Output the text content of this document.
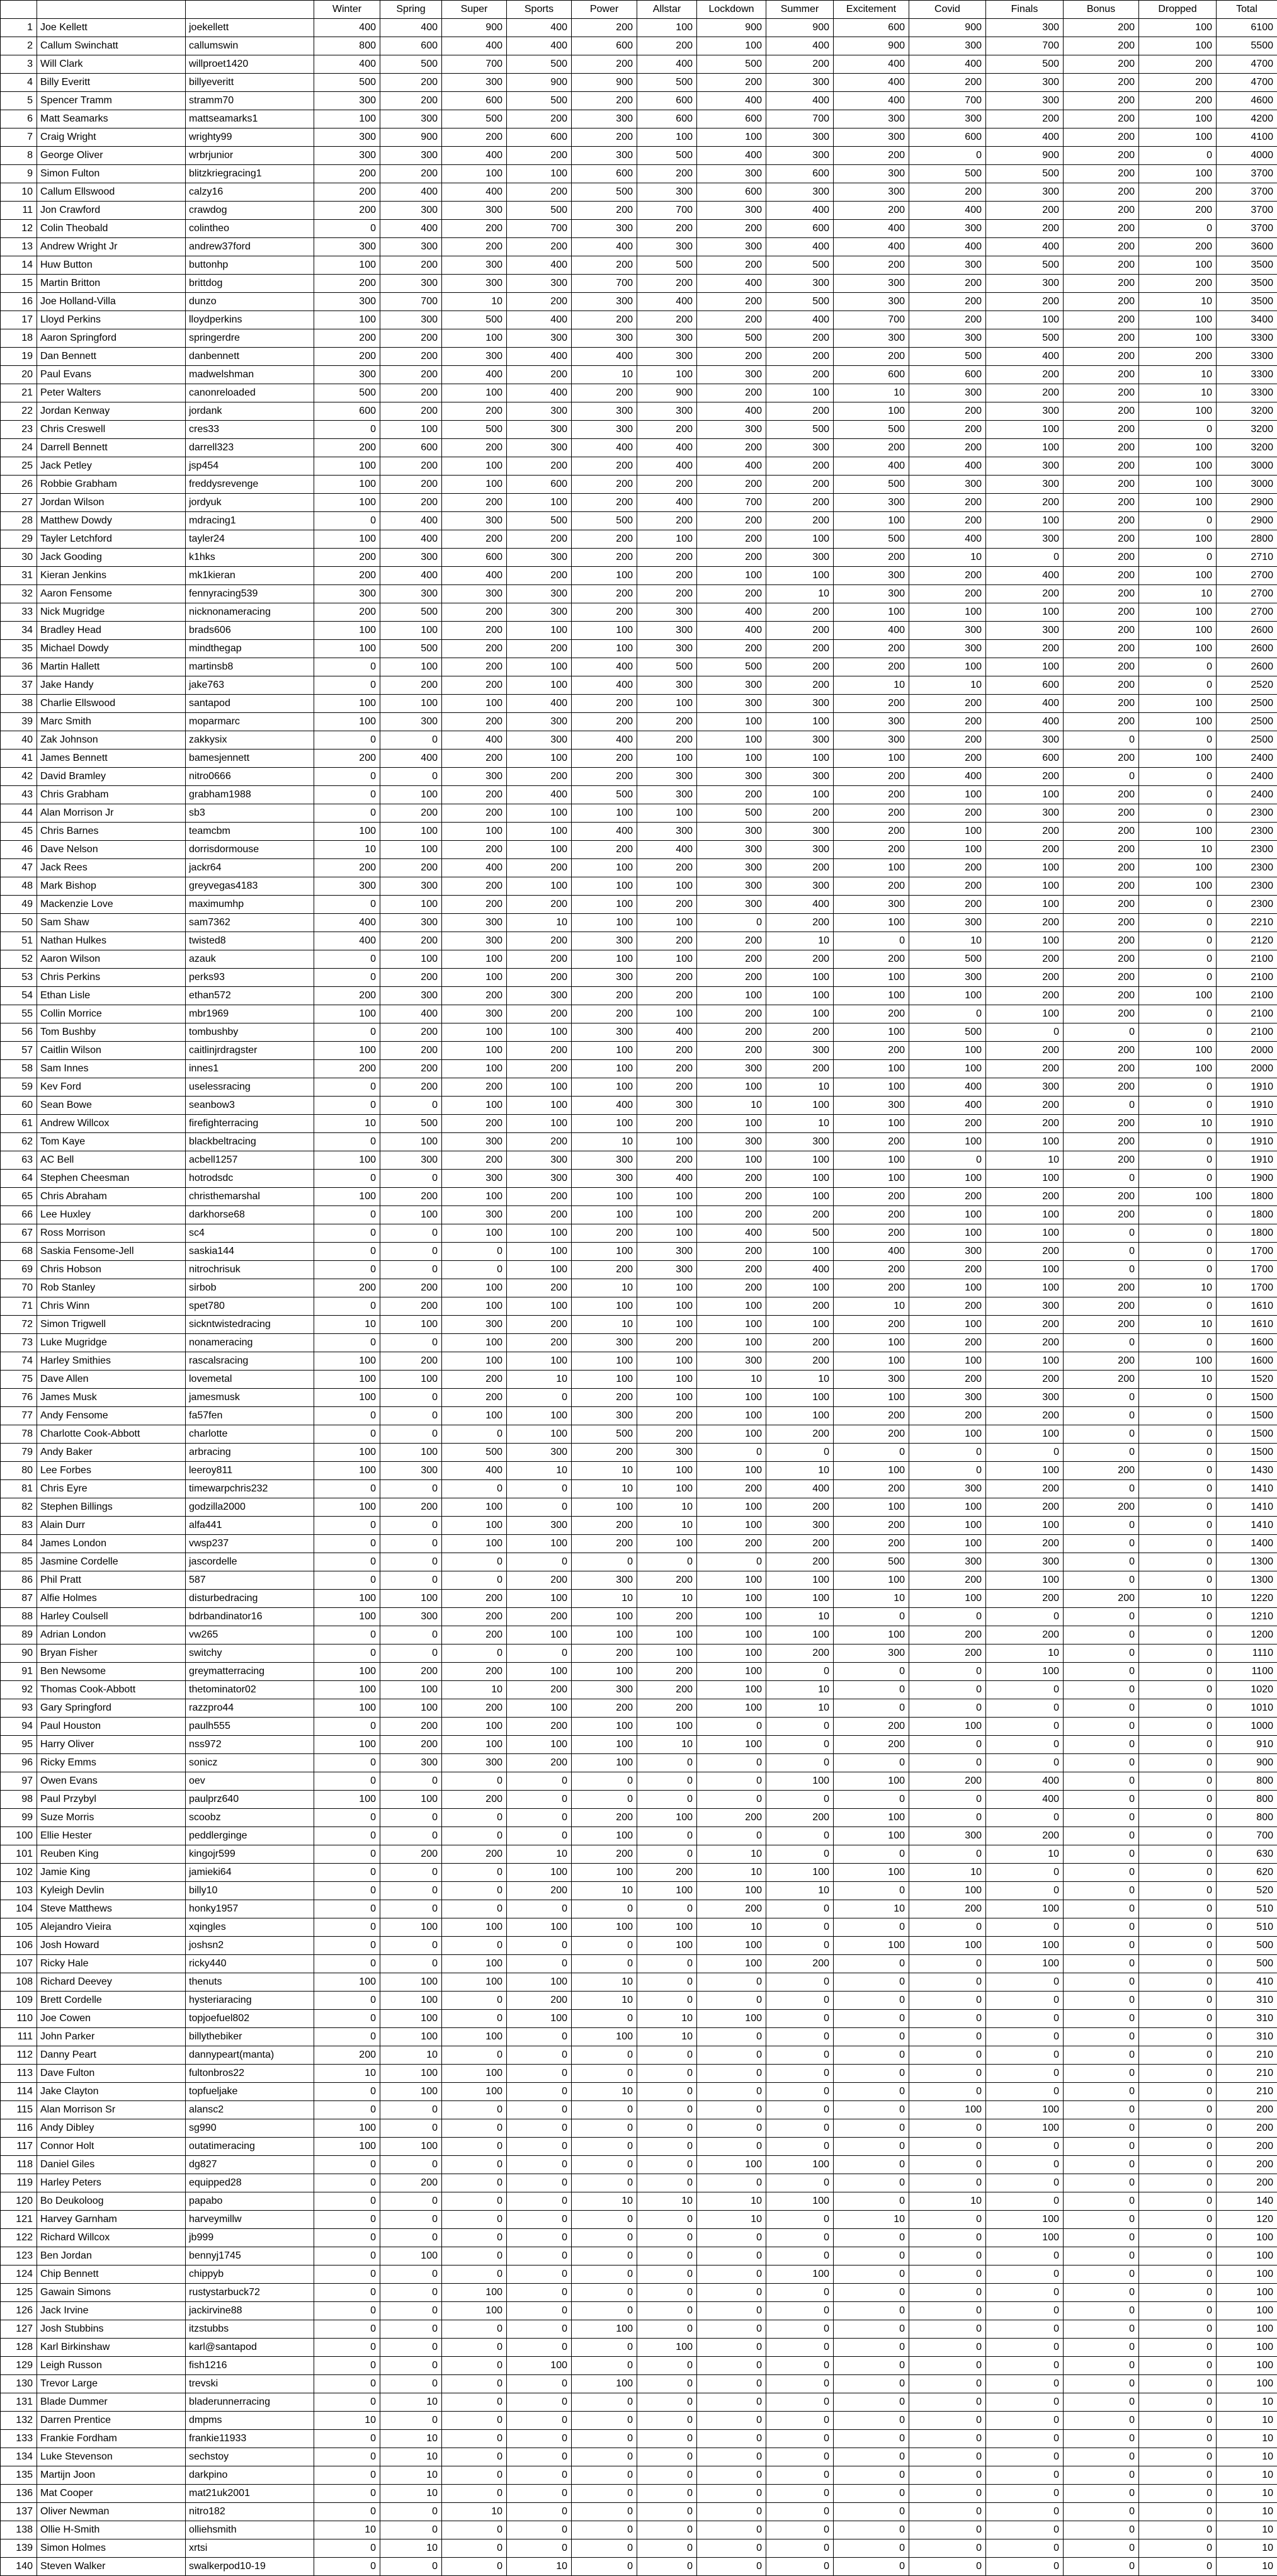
			Winter	Spring	Super	Sports	Power	Allstar	Lockdown	Summer	Excitement	Covid	Finals	Bonus	Dropped	Total
1	Joe Kellett	joekellett	400	400	900	400	200	100	900	900	600	900	300	200	100	6100
2	Callum Swinchatt	callumswin	800	600	400	400	600	200	100	400	900	300	700	200	100	5500
3	Will Clark	willproet1420	400	500	700	500	200	400	500	200	400	400	500	200	200	4700
4	Billy Everitt	billyeveritt	500	200	300	900	900	500	200	300	400	200	300	200	200	4700
5	Spencer Tramm	stramm70	300	200	600	500	200	600	400	400	400	700	300	200	200	4600
6	Matt Seamarks	mattseamarks1	100	300	500	200	300	600	600	700	300	300	200	200	100	4200
7	Craig Wright	wrighty99	300	900	200	600	200	100	100	300	300	600	400	200	100	4100
8	George Oliver	wrbrjunior	300	300	400	200	300	500	400	300	200	0	900	200	0	4000
9	Simon Fulton	blitzkriegracing1	200	200	100	100	600	200	300	600	300	500	500	200	100	3700
10	Callum Ellswood	calzy16	200	400	400	200	500	300	600	300	300	200	300	200	200	3700
11	Jon Crawford	crawdog	200	300	300	500	200	700	300	400	200	400	200	200	200	3700
12	Colin Theobald	colintheo	0	400	200	700	300	200	200	600	400	300	200	200	0	3700
13	Andrew Wright Jr	andrew37ford	300	300	200	200	400	300	300	400	400	400	400	200	200	3600
14	Huw Button	buttonhp	100	200	300	400	200	500	200	500	200	300	500	200	100	3500
15	Martin Britton	brittdog	200	300	300	300	700	200	400	300	300	200	300	200	200	3500
16	Joe Holland-Villa	dunzo	300	700	10	200	300	400	200	500	300	200	200	200	10	3500
17	Lloyd Perkins	lloydperkins	100	300	500	400	200	200	200	400	700	200	100	200	100	3400
18	Aaron Springford	springerdre	200	200	100	300	300	300	500	200	300	300	500	200	100	3300
19	Dan Bennett	danbennett	200	200	300	400	400	300	200	200	200	500	400	200	200	3300
20	Paul Evans	madwelshman	300	200	400	200	10	100	300	200	600	600	200	200	10	3300
21	Peter Walters	canonreloaded	500	200	100	400	200	900	200	100	10	300	200	200	10	3300
22	Jordan Kenway	jordank	600	200	200	300	300	300	400	200	100	200	300	200	100	3200
23	Chris Creswell	cres33	0	100	500	300	300	200	300	500	500	200	100	200	0	3200
24	Darrell Bennett	darrell323	200	600	200	300	400	400	200	300	200	200	100	200	100	3200
25	Jack Petley	jsp454	100	200	100	200	200	400	400	200	400	400	300	200	100	3000
26	Robbie Grabham	freddysrevenge	100	200	100	600	200	200	200	200	500	300	300	200	100	3000
27	Jordan Wilson	jordyuk	100	200	200	100	200	400	700	200	300	200	200	200	100	2900
28	Matthew Dowdy	mdracing1	0	400	300	500	500	200	200	200	100	200	100	200	0	2900
29	Tayler Letchford	tayler24	100	400	200	200	200	100	200	100	500	400	300	200	100	2800
30	Jack Gooding	k1hks	200	300	600	300	200	200	200	300	200	10	0	200	0	2710
31	Kieran Jenkins	mk1kieran	200	400	400	200	100	200	100	100	300	200	400	200	100	2700
32	Aaron Fensome	fennyracing539	300	300	300	300	200	200	200	10	300	200	200	200	10	2700
33	Nick Mugridge	nicknonameracing	200	500	200	300	200	300	400	200	100	100	100	200	100	2700
34	Bradley Head	brads606	100	100	200	100	100	300	400	200	400	300	300	200	100	2600
35	Michael Dowdy	mindthegap	100	500	200	200	100	300	200	200	200	300	200	200	100	2600
36	Martin Hallett	martinsb8	0	100	200	100	400	500	500	200	200	100	100	200	0	2600
37	Jake Handy	jake763	0	200	200	100	400	300	300	200	10	10	600	200	0	2520
38	Charlie Ellswood	santapod	100	100	100	400	200	100	300	300	200	200	400	200	100	2500
39	Marc Smith	moparmarc	100	300	200	300	200	200	100	100	300	200	400	200	100	2500
40	Zak Johnson	zakkysix	0	0	400	300	400	200	100	300	300	200	300	0	0	2500
41	James Bennett	bamesjennett	200	400	200	100	200	100	100	100	100	200	600	200	100	2400
42	David Bramley	nitro0666	0	0	300	200	200	300	300	300	200	400	200	0	0	2400
43	Chris Grabham	grabham1988	0	100	200	400	500	300	200	100	200	100	100	200	0	2400
44	Alan Morrison Jr	sb3	0	200	200	100	100	100	500	200	200	200	300	200	0	2300
45	Chris Barnes	teamcbm	100	100	100	100	400	300	300	300	200	100	200	200	100	2300
46	Dave Nelson	dorrisdormouse	10	100	200	100	200	400	300	300	200	100	200	200	10	2300
47	Jack Rees	jackr64	200	200	400	200	100	200	300	200	100	200	100	200	100	2300
48	Mark Bishop	greyvegas4183	300	300	200	100	100	100	300	300	200	200	100	200	100	2300
49	Mackenzie Love	maximumhp	0	100	200	200	100	200	300	400	300	200	100	200	0	2300
50	Sam Shaw	sam7362	400	300	300	10	100	100	0	200	100	300	200	200	0	2210
51	Nathan Hulkes	twisted8	400	200	300	200	300	200	200	10	0	10	100	200	0	2120
52	Aaron Wilson	azauk	0	100	100	200	100	100	200	200	200	500	200	200	0	2100
53	Chris Perkins	perks93	0	200	100	200	300	200	200	100	100	300	200	200	0	2100
54	Ethan Lisle	ethan572	200	300	200	300	200	200	100	100	100	100	200	200	100	2100
55	Collin Morrice	mbr1969	100	400	300	200	200	100	200	100	200	0	100	200	0	2100
56	Tom Bushby	tombushby	0	200	100	100	300	400	200	200	100	500	0	0	0	2100
57	Caitlin Wilson	caitlinjrdragster	100	200	100	200	100	200	200	300	200	100	200	200	100	2000
58	Sam Innes	innes1	200	200	100	200	100	200	300	200	100	100	200	200	100	2000
59	Kev Ford	uselessracing	0	200	200	100	100	200	100	10	100	400	300	200	0	1910
60	Sean Bowe	seanbow3	0	0	100	100	400	300	10	100	300	400	200	0	0	1910
61	Andrew Willcox	firefighterracing	10	500	200	100	100	200	100	10	100	200	200	200	10	1910
62	Tom Kaye	blackbeltracing	0	100	300	200	10	100	300	300	200	100	100	200	0	1910
63	AC Bell	acbell1257	100	300	200	300	300	200	100	100	100	0	10	200	0	1910
64	Stephen Cheesman	hotrodsdc	0	0	300	300	300	400	200	100	100	100	100	0	0	1900
65	Chris Abraham	christhemarshal	100	200	100	200	100	100	200	100	200	200	200	200	100	1800
66	Lee Huxley	darkhorse68	0	100	300	200	100	100	200	200	200	100	100	200	0	1800
67	Ross Morrison	sc4	0	0	100	100	200	100	400	500	200	100	100	0	0	1800
68	Saskia Fensome-Jell	saskia144	0	0	0	100	100	300	200	100	400	300	200	0	0	1700
69	Chris Hobson	nitrochrisuk	0	0	0	100	200	300	200	400	200	200	100	0	0	1700
70	Rob Stanley	sirbob	200	200	100	200	10	100	200	100	200	100	100	200	10	1700
71	Chris Winn	spet780	0	200	100	100	100	100	100	200	10	200	300	200	0	1610
72	Simon Trigwell	sickntwistedracing	10	100	300	200	10	100	100	100	200	100	200	200	10	1610
73	Luke Mugridge	nonameracing	0	0	100	200	300	200	100	200	100	200	200	0	0	1600
74	Harley Smithies	rascalsracing	100	200	100	100	100	100	300	200	100	100	100	200	100	1600
75	Dave Allen	lovemetal	100	100	200	10	100	100	10	10	300	200	200	200	10	1520
76	James Musk	jamesmusk	100	0	200	0	200	100	100	100	100	300	300	0	0	1500
77	Andy Fensome	fa57fen	0	0	100	100	300	200	100	100	200	200	200	0	0	1500
78	Charlotte Cook-Abbott	charlotte	0	0	0	100	500	200	100	200	200	100	100	0	0	1500
79	Andy Baker	arbracing	100	100	500	300	200	300	0	0	0	0	0	0	0	1500
80	Lee Forbes	leeroy811	100	300	400	10	10	100	100	10	100	0	100	200	0	1430
81	Chris Eyre	timewarpchris232	0	0	0	0	10	100	200	400	200	300	200	0	0	1410
82	Stephen Billings	godzilla2000	100	200	100	0	100	10	100	200	100	100	200	200	0	1410
83	Alain Durr	alfa441	0	0	100	300	200	10	100	300	200	100	100	0	0	1410
84	James London	vwsp237	0	0	100	100	200	100	200	200	200	100	200	0	0	1400
85	Jasmine Cordelle	jascordelle	0	0	0	0	0	0	0	200	500	300	300	0	0	1300
86	Phil Pratt	587	0	0	0	200	300	200	100	100	100	200	100	0	0	1300
87	Alfie Holmes	disturbedracing	100	100	200	100	10	10	100	100	10	100	200	200	10	1220
88	Harley Coulsell	bdrbandinator16	100	300	200	200	100	200	100	10	0	0	0	0	0	1210
89	Adrian London	vw265	0	0	200	100	100	100	100	100	100	200	200	0	0	1200
90	Bryan Fisher	switchy	0	0	0	0	200	100	100	200	300	200	10	0	0	1110
91	Ben Newsome	greymatterracing	100	200	200	100	100	200	100	0	0	0	100	0	0	1100
92	Thomas Cook-Abbott	thetominator02	100	100	10	200	300	200	100	10	0	0	0	0	0	1020
93	Gary Springford	razzpro44	100	100	200	100	200	200	100	10	0	0	0	0	0	1010
94	Paul Houston	paulh555	0	200	100	200	100	100	0	0	200	100	0	0	0	1000
95	Harry Oliver	nss972	100	200	100	100	100	10	100	0	200	0	0	0	0	910
96	Ricky Emms	sonicz	0	300	300	200	100	0	0	0	0	0	0	0	0	900
97	Owen Evans	oev	0	0	0	0	0	0	0	100	100	200	400	0	0	800
98	Paul Przybyl	paulprz640	100	100	200	0	0	0	0	0	0	0	400	0	0	800
99	Suze Morris	scoobz	0	0	0	0	200	100	200	200	100	0	0	0	0	800
100	Ellie Hester	peddlerginge	0	0	0	0	100	0	0	0	100	300	200	0	0	700
101	Reuben King	kingojr599	0	200	200	10	200	0	10	0	0	0	10	0	0	630
102	Jamie King	jamieki64	0	0	0	100	100	200	10	100	100	10	0	0	0	620
103	Kyleigh Devlin	billy10	0	0	0	200	10	100	100	10	0	100	0	0	0	520
104	Steve Matthews	honky1957	0	0	0	0	0	0	200	0	10	200	100	0	0	510
105	Alejandro Vieira	xqingles	0	100	100	100	100	100	10	0	0	0	0	0	0	510
106	Josh Howard	joshsn2	0	0	0	0	0	100	100	0	100	100	100	0	0	500
107	Ricky Hale	ricky440	0	0	100	0	0	0	100	200	0	0	100	0	0	500
108	Richard Deevey	thenuts	100	100	100	100	10	0	0	0	0	0	0	0	0	410
109	Brett Cordelle	hysteriaracing	0	100	0	200	10	0	0	0	0	0	0	0	0	310
110	Joe Cowen	topjoefuel802	0	100	0	100	0	10	100	0	0	0	0	0	0	310
111	John Parker	billythebiker	0	100	100	0	100	10	0	0	0	0	0	0	0	310
112	Danny Peart	dannypeart(manta)	200	10	0	0	0	0	0	0	0	0	0	0	0	210
113	Dave Fulton	fultonbros22	10	100	100	0	0	0	0	0	0	0	0	0	0	210
114	Jake Clayton	topfueljake	0	100	100	0	10	0	0	0	0	0	0	0	0	210
115	Alan Morrison Sr	alansc2	0	0	0	0	0	0	0	0	0	100	100	0	0	200
116	Andy Dibley	sg990	100	0	0	0	0	0	0	0	0	0	100	0	0	200
117	Connor Holt	outatimeracing	100	100	0	0	0	0	0	0	0	0	0	0	0	200
118	Daniel Giles	dg827	0	0	0	0	0	0	100	100	0	0	0	0	0	200
119	Harley Peters	equipped28	0	200	0	0	0	0	0	0	0	0	0	0	0	200
120	Bo Deukoloog	papabo	0	0	0	0	10	10	10	100	0	10	0	0	0	140
121	Harvey Garnham	harveymillw	0	0	0	0	0	0	10	0	10	0	100	0	0	120
122	Richard Willcox	jb999	0	0	0	0	0	0	0	0	0	0	100	0	0	100
123	Ben Jordan	bennyj1745	0	100	0	0	0	0	0	0	0	0	0	0	0	100
124	Chip Bennett	chippyb	0	0	0	0	0	0	0	100	0	0	0	0	0	100
125	Gawain Simons	rustystarbuck72	0	0	100	0	0	0	0	0	0	0	0	0	0	100
126	Jack Irvine	jackirvine88	0	0	100	0	0	0	0	0	0	0	0	0	0	100
127	Josh Stubbins	itzstubbs	0	0	0	0	100	0	0	0	0	0	0	0	0	100
128	Karl Birkinshaw	karl@santapod	0	0	0	0	0	100	0	0	0	0	0	0	0	100
129	Leigh Russon	fish1216	0	0	0	100	0	0	0	0	0	0	0	0	0	100
130	Trevor Large	trevski	0	0	0	0	100	0	0	0	0	0	0	0	0	100
131	Blade Dummer	bladerunnerracing	0	10	0	0	0	0	0	0	0	0	0	0	0	10
132	Darren Prentice	dmpms	10	0	0	0	0	0	0	0	0	0	0	0	0	10
133	Frankie Fordham	frankie11933	0	10	0	0	0	0	0	0	0	0	0	0	0	10
134	Luke Stevenson	sechstoy	0	10	0	0	0	0	0	0	0	0	0	0	0	10
135	Martijn Joon	darkpino	0	10	0	0	0	0	0	0	0	0	0	0	0	10
136	Mat Cooper	mat21uk2001	0	10	0	0	0	0	0	0	0	0	0	0	0	10
137	Oliver Newman	nitro182	0	0	10	0	0	0	0	0	0	0	0	0	0	10
138	Ollie H-Smith	olliehsmith	10	0	0	0	0	0	0	0	0	0	0	0	0	10
139	Simon Holmes	xrtsi	0	10	0	0	0	0	0	0	0	0	0	0	0	10
140	Steven Walker	swalkerpod10-19	0	0	0	10	0	0	0	0	0	0	0	0	0	10
